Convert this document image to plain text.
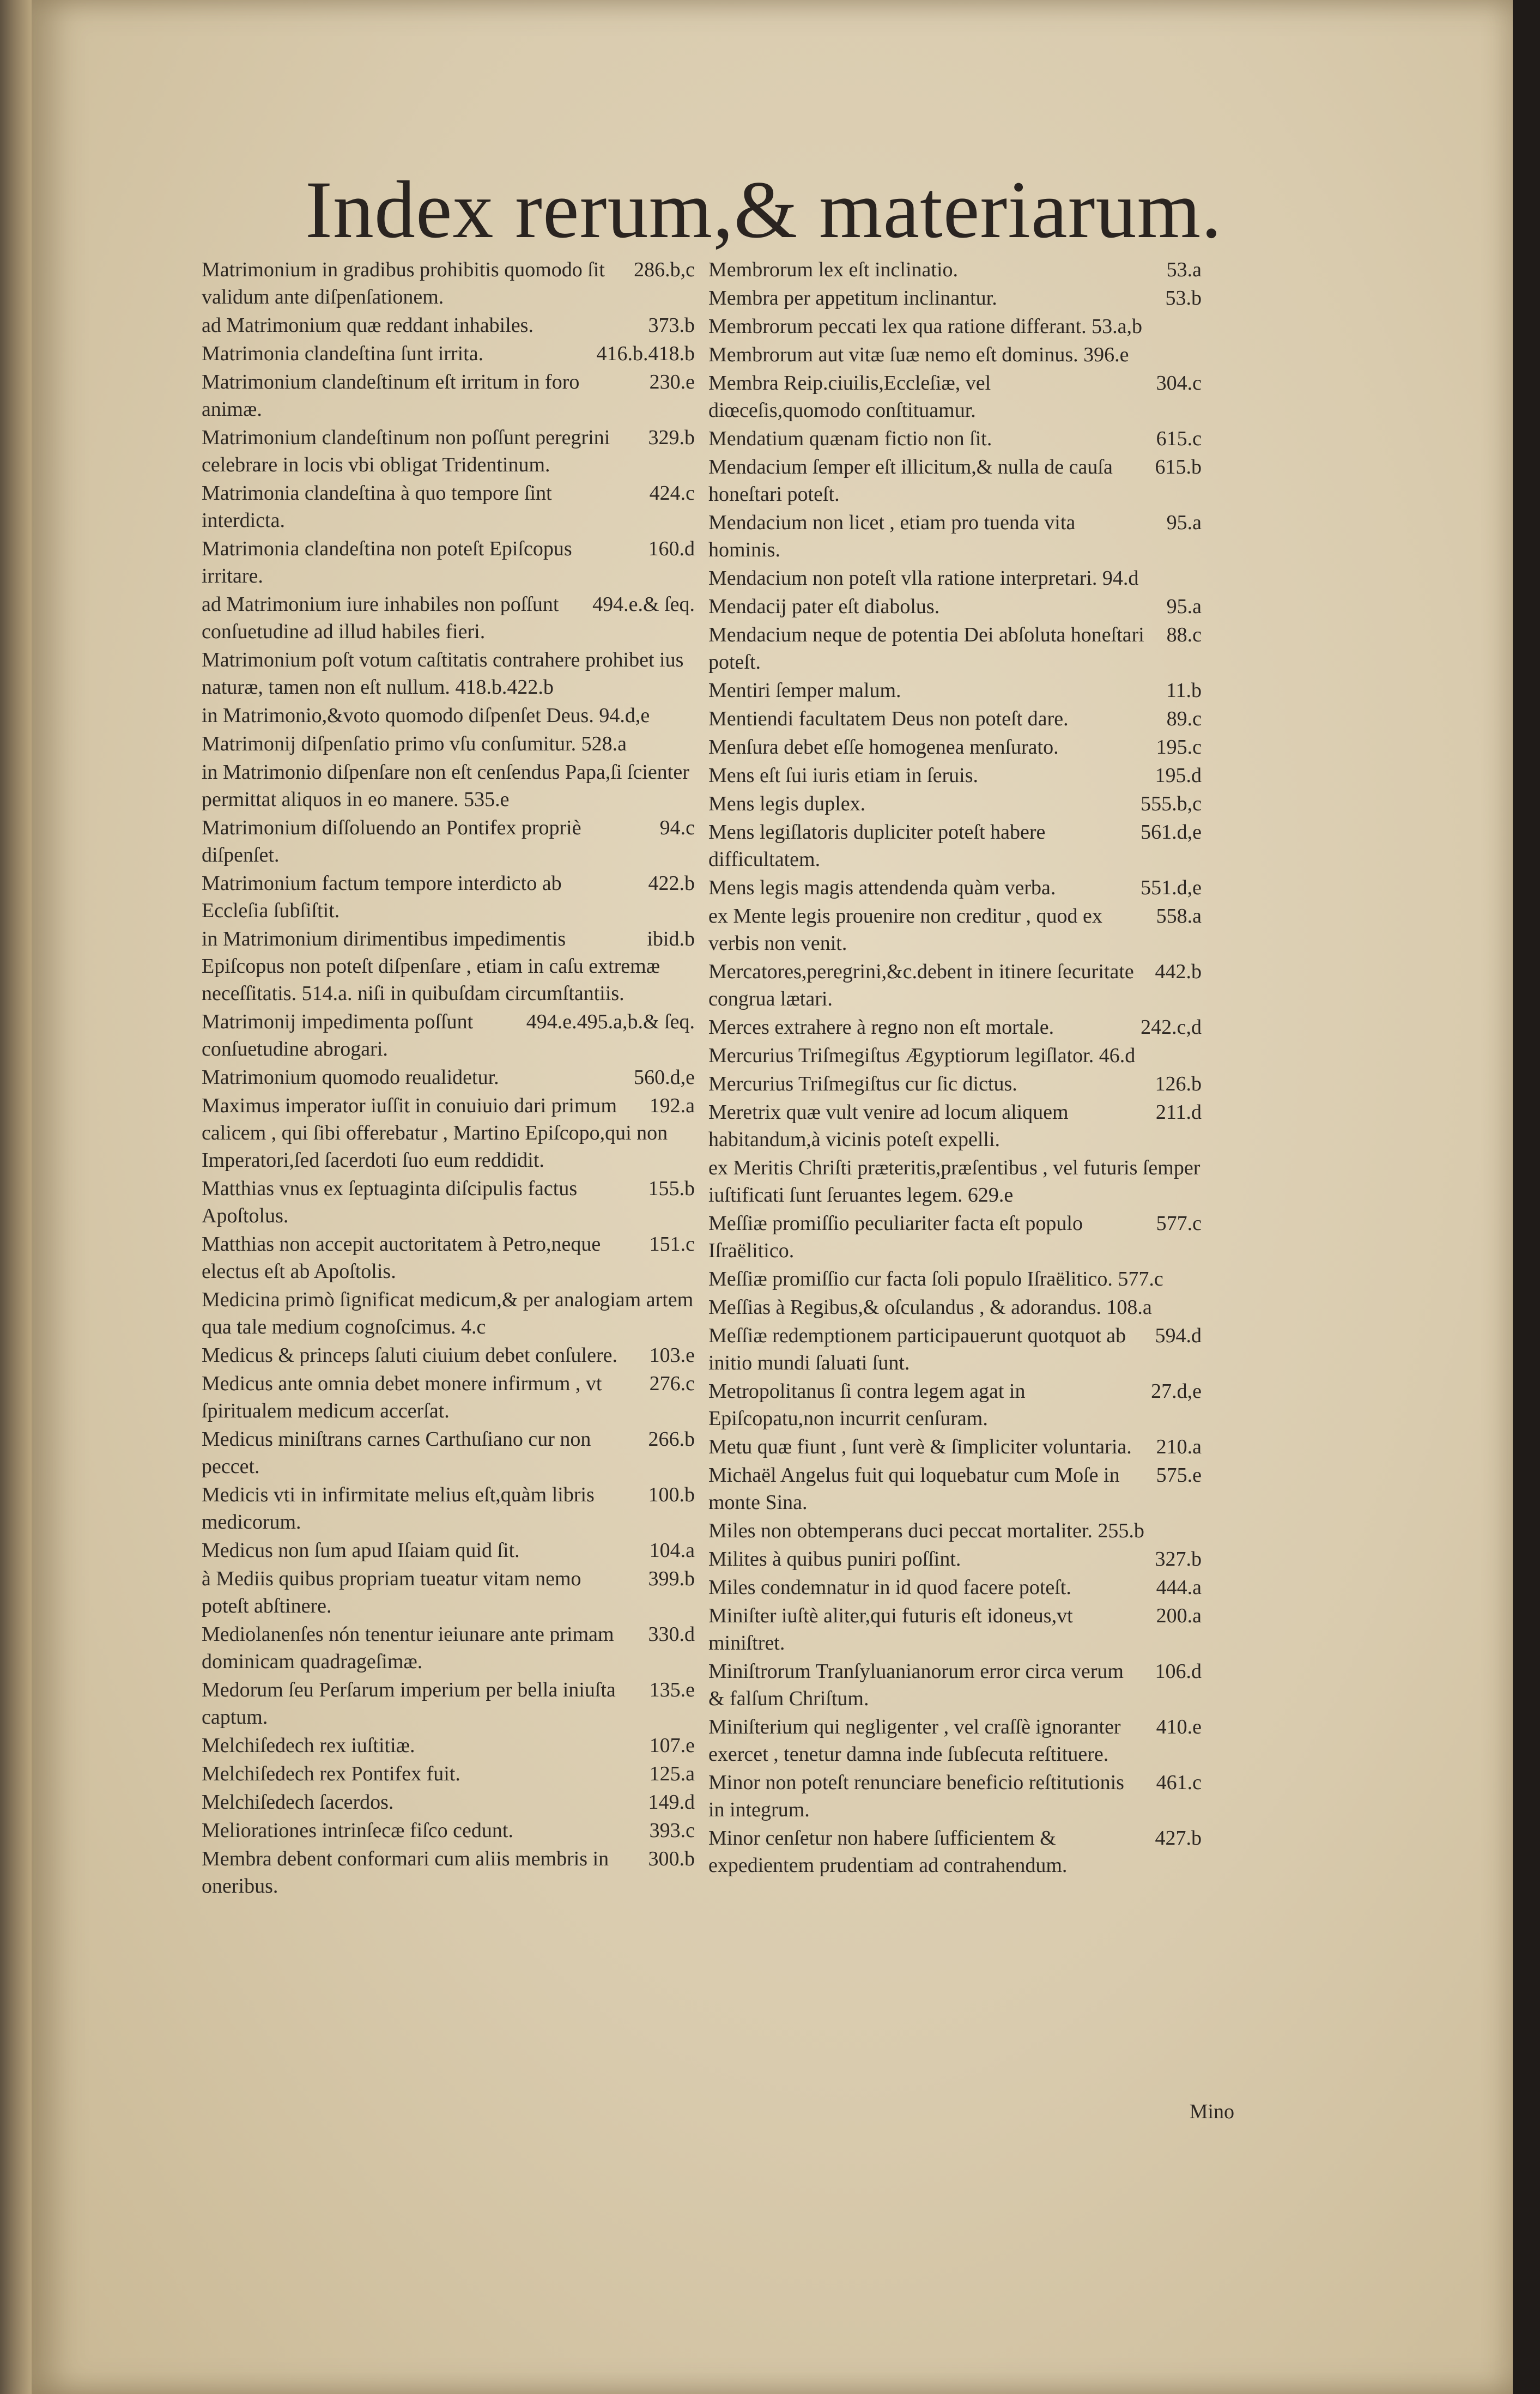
Index rerum,& materiarum.
286.b,c
Matrimonium in gradibus prohibitis quomodo ſit validum ante diſpenſationem.
373.b
ad Matrimonium quæ reddant inhabiles.
416.b.418.b
Matrimonia clandeſtina ſunt irrita.
230.e
Matrimonium clandeſtinum eſt irritum in foro animæ.
329.b
Matrimonium clandeſtinum non poſſunt peregrini celebrare in locis vbi obligat Tridentinum.
424.c
Matrimonia clandeſtina à quo tempore ſint interdicta.
160.d
Matrimonia clandeſtina non poteſt Epiſcopus irritare.
494.e.& ſeq.
ad Matrimonium iure inhabiles non poſſunt conſuetudine ad illud habiles fieri.
Matrimonium poſt votum caſtitatis contrahere prohibet ius naturæ, tamen non eſt nullum. 418.b.422.b
in Matrimonio,&voto quomodo diſpenſet Deus. 94.d,e
Matrimonij diſpenſatio primo vſu conſumitur. 528.a
in Matrimonio diſpenſare non eſt cenſendus Papa,ſi ſcienter permittat aliquos in eo manere. 535.e
94.c
Matrimonium diſſoluendo an Pontifex propriè diſpenſet.
422.b
Matrimonium factum tempore interdicto ab Eccleſia ſubſiſtit.
ibid.b
in Matrimonium dirimentibus impedimentis Epiſcopus non poteſt diſpenſare , etiam in caſu extremæ neceſſitatis. 514.a. niſi in quibuſdam circumſtantiis.
494.e.495.a,b.& ſeq.
Matrimonij impedimenta poſſunt conſuetudine abrogari.
560.d,e
Matrimonium quomodo reualidetur.
192.a
Maximus imperator iuſſit in conuiuio dari primum calicem , qui ſibi offerebatur , Martino Epiſcopo,qui non Imperatori,ſed ſacerdoti ſuo eum reddidit.
155.b
Matthias vnus ex ſeptuaginta diſcipulis factus Apoſtolus.
151.c
Matthias non accepit auctoritatem à Petro,neque electus eſt ab Apoſtolis.
Medicina primò ſignificat medicum,& per analogiam artem qua tale medium cognoſcimus. 4.c
103.e
Medicus & princeps ſaluti ciuium debet conſulere.
276.c
Medicus ante omnia debet monere infirmum , vt ſpiritualem medicum accerſat.
266.b
Medicus miniſtrans carnes Carthuſiano cur non peccet.
100.b
Medicis vti in infirmitate melius eſt,quàm libris medicorum.
104.a
Medicus non ſum apud Iſaiam quid ſit.
399.b
à Mediis quibus propriam tueatur vitam nemo poteſt abſtinere.
330.d
Mediolanenſes nón tenentur ieiunare ante primam dominicam quadrageſimæ.
135.e
Medorum ſeu Perſarum imperium per bella iniuſta captum.
107.e
Melchiſedech rex iuſtitiæ.
125.a
Melchiſedech rex Pontifex fuit.
149.d
Melchiſedech ſacerdos.
393.c
Meliorationes intrinſecæ fiſco cedunt.
300.b
Membra debent conformari cum aliis membris in oneribus.
53.a
Membrorum lex eſt inclinatio.
53.b
Membra per appetitum inclinantur.
Membrorum peccati lex qua ratione differant. 53.a,b
Membrorum aut vitæ ſuæ nemo eſt dominus. 396.e
304.c
Membra Reip.ciuilis,Eccleſiæ, vel diœceſis,quomodo conſtituamur.
615.c
Mendatium quænam fictio non ſit.
615.b
Mendacium ſemper eſt illicitum,& nulla de cauſa honeſtari poteſt.
95.a
Mendacium non licet , etiam pro tuenda vita hominis.
Mendacium non poteſt vlla ratione interpretari. 94.d
95.a
Mendacij pater eſt diabolus.
88.c
Mendacium neque de potentia Dei abſoluta honeſtari poteſt.
11.b
Mentiri ſemper malum.
89.c
Mentiendi facultatem Deus non poteſt dare.
195.c
Menſura debet eſſe homogenea menſurato.
195.d
Mens eſt ſui iuris etiam in ſeruis.
555.b,c
Mens legis duplex.
561.d,e
Mens legiſlatoris dupliciter poteſt habere difficultatem.
551.d,e
Mens legis magis attendenda quàm verba.
558.a
ex Mente legis prouenire non creditur , quod ex verbis non venit.
442.b
Mercatores,peregrini,&c.debent in itinere ſecuritate congrua lætari.
242.c,d
Merces extrahere à regno non eſt mortale.
Mercurius Triſmegiſtus Ægyptiorum legiſlator. 46.d
126.b
Mercurius Triſmegiſtus cur ſic dictus.
211.d
Meretrix quæ vult venire ad locum aliquem habitandum,à vicinis poteſt expelli.
ex Meritis Chriſti præteritis,præſentibus , vel futuris ſemper iuſtificati ſunt ſeruantes legem. 629.e
577.c
Meſſiæ promiſſio peculiariter facta eſt populo Iſraëlitico.
Meſſiæ promiſſio cur facta ſoli populo Iſraëlitico. 577.c
Meſſias à Regibus,& oſculandus , & adorandus. 108.a
594.d
Meſſiæ redemptionem participauerunt quotquot ab initio mundi ſaluati ſunt.
27.d,e
Metropolitanus ſi contra legem agat in Epiſcopatu,non incurrit cenſuram.
210.a
Metu quæ fiunt , ſunt verè & ſimpliciter voluntaria.
575.e
Michaël Angelus fuit qui loquebatur cum Moſe in monte Sina.
Miles non obtemperans duci peccat mortaliter. 255.b
327.b
Milites à quibus puniri poſſint.
444.a
Miles condemnatur in id quod facere poteſt.
200.a
Miniſter iuſtè aliter,qui futuris eſt idoneus,vt miniſtret.
106.d
Miniſtrorum Tranſyluanianorum error circa verum & falſum Chriſtum.
410.e
Miniſterium qui negligenter , vel craſſè ignoranter exercet , tenetur damna inde ſubſecuta reſtituere.
461.c
Minor non poteſt renunciare beneficio reſtitutionis in integrum.
427.b
Minor cenſetur non habere ſufficientem & expedientem prudentiam ad contrahendum.
Mino
